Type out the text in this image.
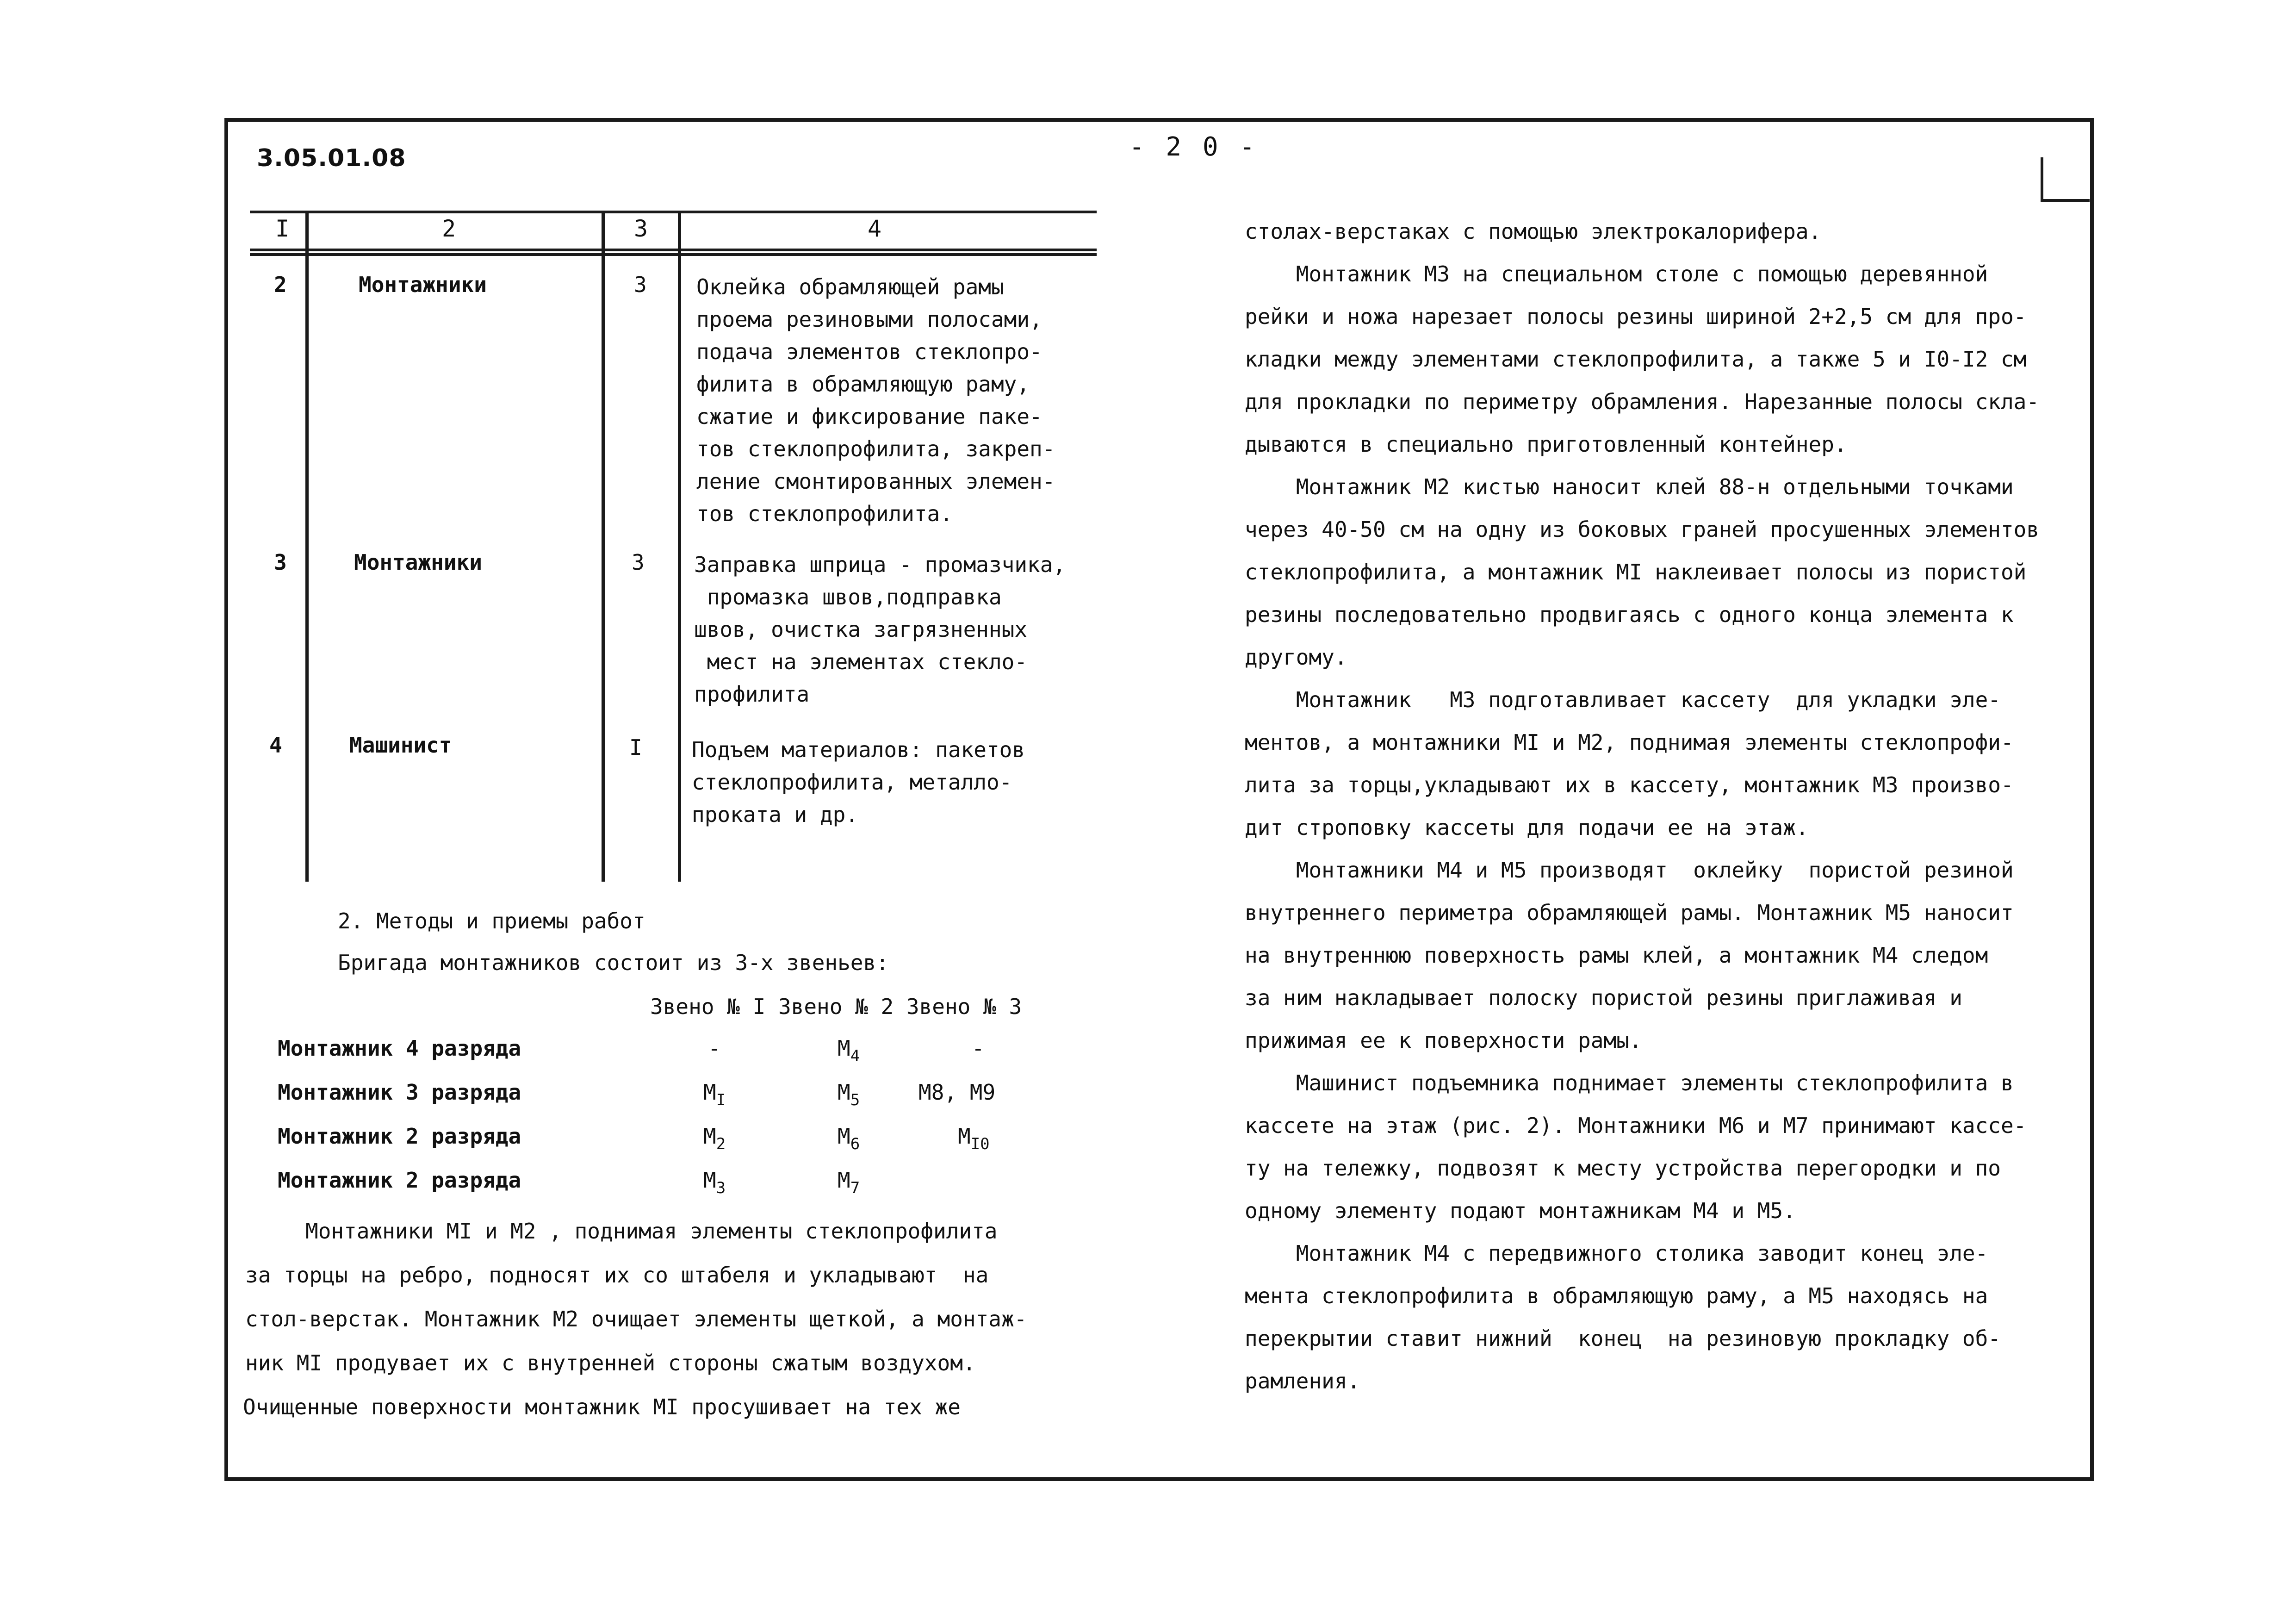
3.05.01.08	- 2 0 -
I	2	3	4
2	Монтажники	3 Оклейка обрамляющей рамы
проема резиновыми полосами,
подача элементов стеклопро-
филита в обрамляющую раму,
сжатие и фиксирование паке-
тов стеклопрофилита, закреп-
ление смонтированных элемен-
тов стеклопрофилита.
3	Монтажники	3 Заправка шприца - промазчика,
промазка швов,подправка
швов, очистка загрязненных
мест на элементах стекло-
профилита
4	Машинист	I Подъем материалов: пакетов
стеклопрофилита, металло-
проката и др.
2. Методы и приемы работ
Бригада монтажников состоит из 3-х звеньев:
Звено № I Звено № 2 Звено № 3
Монтажник 4 разряда	-	$М_4$	-
Монтажник 3 разряда	$М_I$	$М_5$	М8, М9
Монтажник 2 разряда	$М_2$	$М_6$	$М_{I0}$
Монтажник 2 разряда	$М_3$	$М_7$
Монтажники МI и М2 , поднимая элементы стеклопрофилита
за торцы на ребро, подносят их со штабеля и укладывают  на
стол-верстак. Монтажник М2 очищает элементы щеткой, а монтаж-
ник МI продувает их с внутренней стороны сжатым воздухом.
Очищенные поверхности монтажник МI просушивает на тех же
столах-верстаках с помощью электрокалорифера.
Монтажник М3 на специальном столе с помощью деревянной
рейки и ножа нарезает полосы резины шириной 2+2,5 см для про-
кладки между элементами стеклопрофилита, а также 5 и I0-I2 см
для прокладки по периметру обрамления. Нарезанные полосы скла-
дываются в специально приготовленный контейнер.
Монтажник М2 кистью наносит клей 88-н отдельными точками
через 40-50 см на одну из боковых граней просушенных элементов
стеклопрофилита, а монтажник МI наклеивает полосы из пористой
резины последовательно продвигаясь с одного конца элемента к
другому.
Монтажник   М3 подготавливает кассету  для укладки эле-
ментов, а монтажники МI и М2, поднимая элементы стеклопрофи-
лита за торцы,укладывают их в кассету, монтажник М3 произво-
дит строповку кассеты для подачи ее на этаж.
Монтажники М4 и М5 производят  оклейку  пористой резиной
внутреннего периметра обрамляющей рамы. Монтажник М5 наносит
на внутреннюю поверхность рамы клей, а монтажник М4 следом
за ним накладывает полоску пористой резины приглаживая и
прижимая ее к поверхности рамы.
Машинист подъемника поднимает элементы стеклопрофилита в
кассете на этаж (рис. 2). Монтажники М6 и М7 принимают кассе-
ту на тележку, подвозят к месту устройства перегородки и по
одному элементу подают монтажникам М4 и М5.
Монтажник М4 с передвижного столика заводит конец эле-
мента стеклопрофилита в обрамляющую раму, а М5 находясь на
перекрытии ставит нижний  конец  на резиновую прокладку об-
рамления.
